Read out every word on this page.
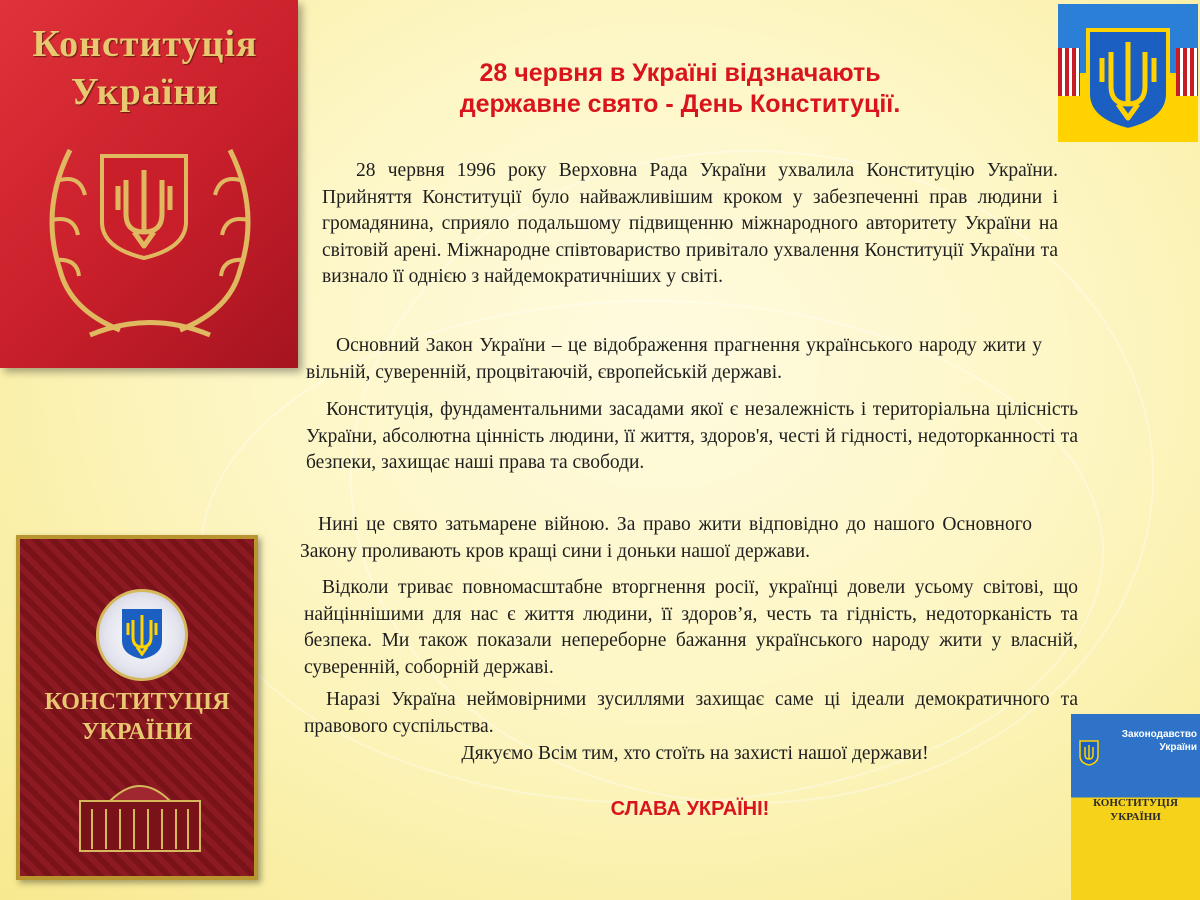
Конституція
України
КОНСТИТУЦІЯ
УКРАЇНИ	Законодавство
України
КОНСТИТУЦІЯ
УКРАЇНИ
28 червня в Україні відзначають
державне свято - День Конституції.

28 червня 1996 року Верховна Рада України ухвалила Конституцію України. Прийняття Конституції було найважливішим кроком у забезпеченні прав людини і громадянина, сприяло подальшому підвищенню міжнародного авторитету України на світовій арені. Міжнародне співтовариство привітало ухвалення Конституції України та визнало її однією з найдемократичніших у світі.

Основний Закон України – це відображення прагнення українського народу жити у вільній, суверенній, процвітаючій, європейській державі.

Конституція, фундаментальними засадами якої є незалежність і територіальна цілісність України, абсолютна цінність людини, її життя, здоров'я, честі й гідності, недоторканності та безпеки, захищає наші права та свободи.

Нині це свято затьмарене війною. За право жити відповідно до нашого Основного Закону проливають кров кращі сини і доньки нашої держави.

Відколи триває повномасштабне вторгнення росії, українці довели усьому світові, що найціннішими для нас є життя людини, її здоров’я, честь та гідність, недоторканість та безпека. Ми також показали непереборне бажання українського народу жити у власній, суверенній, соборній державі.

Наразі Україна неймовірними зусиллями захищає саме ці ідеали демократичного та правового суспільства.

Дякуємо Всім тим, хто стоїть на захисті нашої держави!
СЛАВА УКРАЇНІ!
